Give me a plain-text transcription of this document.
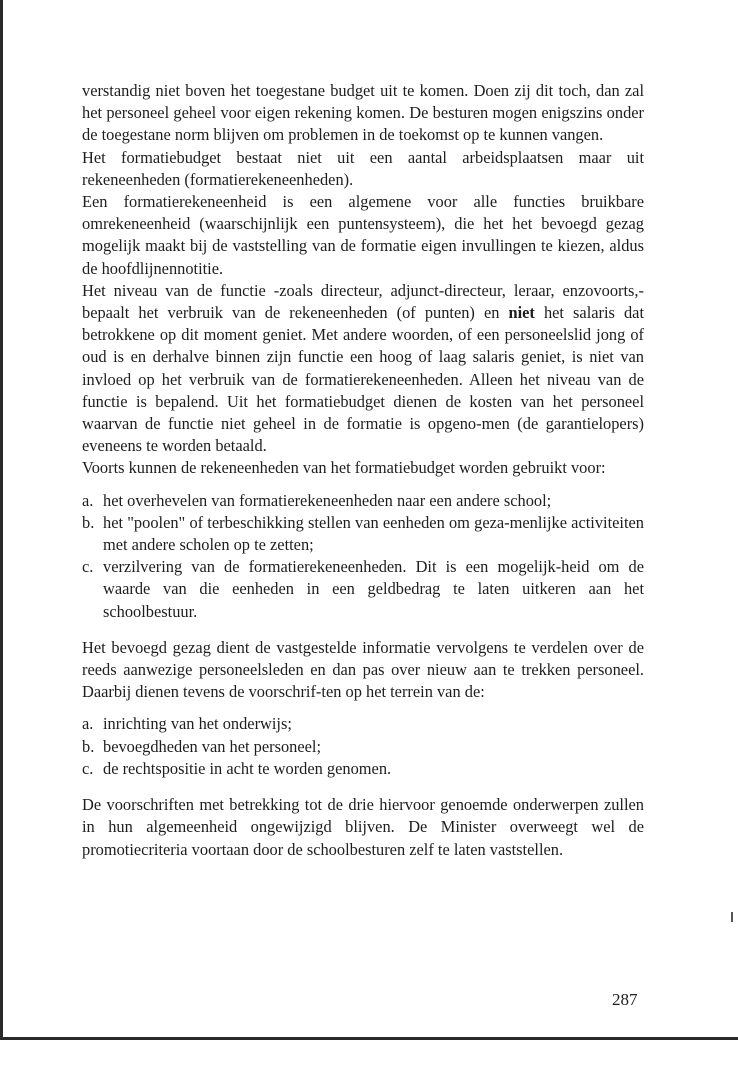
verstandig niet boven het toegestane budget uit te komen. Doen zij dit toch, dan zal het personeel geheel voor eigen rekening komen. De besturen mogen enigszins onder de toegestane norm blijven om problemen in de toekomst op te kunnen vangen.

Het formatiebudget bestaat niet uit een aantal arbeidsplaatsen maar uit rekeneenheden (formatierekeneenheden).

Een formatierekeneenheid is een algemene voor alle functies bruikbare omrekeneenheid (waarschijnlijk een puntensysteem), die het het bevoegd gezag mogelijk maakt bij de vaststelling van de formatie eigen invullingen te kiezen, aldus de hoofdlijnennotitie.

Het niveau van de functie -zoals directeur, adjunct-directeur, leraar, enzovoorts,- bepaalt het verbruik van de rekeneenheden (of punten) en niet het salaris dat betrokkene op dit moment geniet. Met andere woorden, of een personeelslid jong of oud is en derhalve binnen zijn functie een hoog of laag salaris geniet, is niet van invloed op het verbruik van de formatierekeneenheden. Alleen het niveau van de functie is bepalend. Uit het formatiebudget dienen de kosten van het personeel waarvan de functie niet geheel in de formatie is opgeno-men (de garantielopers) eveneens te worden betaald.

Voorts kunnen de rekeneenheden van het formatiebudget worden gebruikt voor:

a. het overhevelen van formatierekeneenheden naar een andere school;
b. het "poolen" of terbeschikking stellen van eenheden om geza-menlijke activiteiten met andere scholen op te zetten;
c. verzilvering van de formatierekeneenheden. Dit is een mogelijk-heid om de waarde van die eenheden in een geldbedrag te laten uitkeren aan het schoolbestuur.

Het bevoegd gezag dient de vastgestelde informatie vervolgens te verdelen over de reeds aanwezige personeelsleden en dan pas over nieuw aan te trekken personeel. Daarbij dienen tevens de voorschrif-ten op het terrein van de:

a. inrichting van het onderwijs;
b. bevoegdheden van het personeel;
c. de rechtspositie in acht te worden genomen.

De voorschriften met betrekking tot de drie hiervoor genoemde onderwerpen zullen in hun algemeenheid ongewijzigd blijven. De Minister overweegt wel de promotiecriteria voortaan door de schoolbesturen zelf te laten vaststellen.

287
